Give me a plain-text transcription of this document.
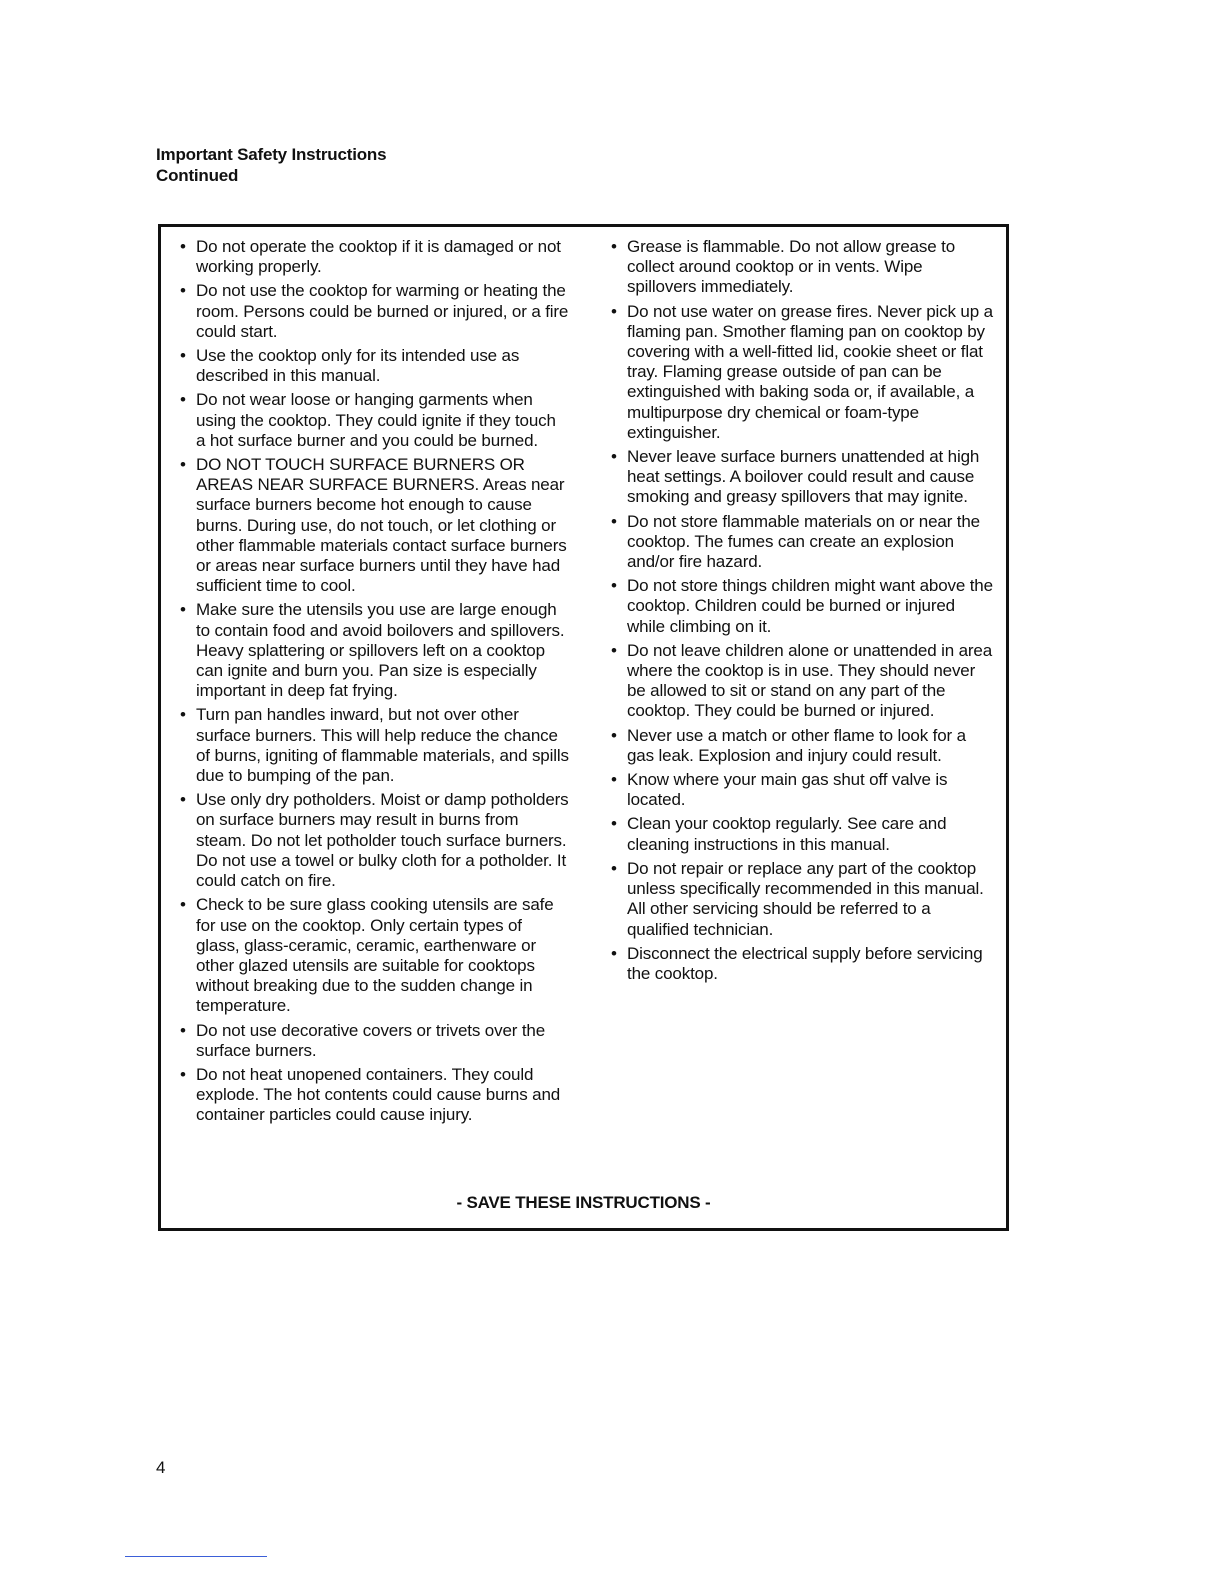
Important Safety Instructions
Continued
• Do not operate the cooktop if it is damaged or not working properly.
• Do not use the cooktop for warming or heating the room. Persons could be burned or injured, or a fire could start.
• Use the cooktop only for its intended use as described in this manual.
• Do not wear loose or hanging garments when using the cooktop. They could ignite if they touch a hot surface burner and you could be burned.
• DO NOT TOUCH SURFACE BURNERS OR AREAS NEAR SURFACE BURNERS. Areas near surface burners become hot enough to cause burns. During use, do not touch, or let clothing or other flammable materials contact surface burners or areas near surface burners until they have had sufficient time to cool.
• Make sure the utensils you use are large enough to contain food and avoid boilovers and spillovers. Heavy splattering or spillovers left on a cooktop can ignite and burn you. Pan size is especially important in deep fat frying.
• Turn pan handles inward, but not over other surface burners. This will help reduce the chance of burns, igniting of flammable materials, and spills due to bumping of the pan.
• Use only dry potholders. Moist or damp potholders on surface burners may result in burns from steam. Do not let potholder touch surface burners. Do not use a towel or bulky cloth for a potholder. It could catch on fire.
• Check to be sure glass cooking utensils are safe for use on the cooktop. Only certain types of glass, glass-ceramic, ceramic, earthenware or other glazed utensils are suitable for cooktops without breaking due to the sudden change in temperature.
• Do not use decorative covers or trivets over the surface burners.
• Do not heat unopened containers. They could explode. The hot contents could cause burns and container particles could cause injury.
• Grease is flammable. Do not allow grease to collect around cooktop or in vents. Wipe spillovers immediately.
• Do not use water on grease fires. Never pick up a flaming pan. Smother flaming pan on cooktop by covering with a well-fitted lid, cookie sheet or flat tray. Flaming grease outside of pan can be extinguished with baking soda or, if available, a multipurpose dry chemical or foam-type extinguisher.
• Never leave surface burners unattended at high heat settings. A boilover could result and cause smoking and greasy spillovers that may ignite.
• Do not store flammable materials on or near the cooktop. The fumes can create an explosion and/or fire hazard.
• Do not store things children might want above the cooktop. Children could be burned or injured while climbing on it.
• Do not leave children alone or unattended in area where the cooktop is in use. They should never be allowed to sit or stand on any part of the cooktop. They could be burned or injured.
• Never use a match or other flame to look for a gas leak. Explosion and injury could result.
• Know where your main gas shut off valve is located.
• Clean your cooktop regularly. See care and cleaning instructions in this manual.
• Do not repair or replace any part of the cooktop unless specifically recommended in this manual. All other servicing should be referred to a qualified technician.
• Disconnect the electrical supply before servicing the cooktop.
- SAVE THESE INSTRUCTIONS -
4
